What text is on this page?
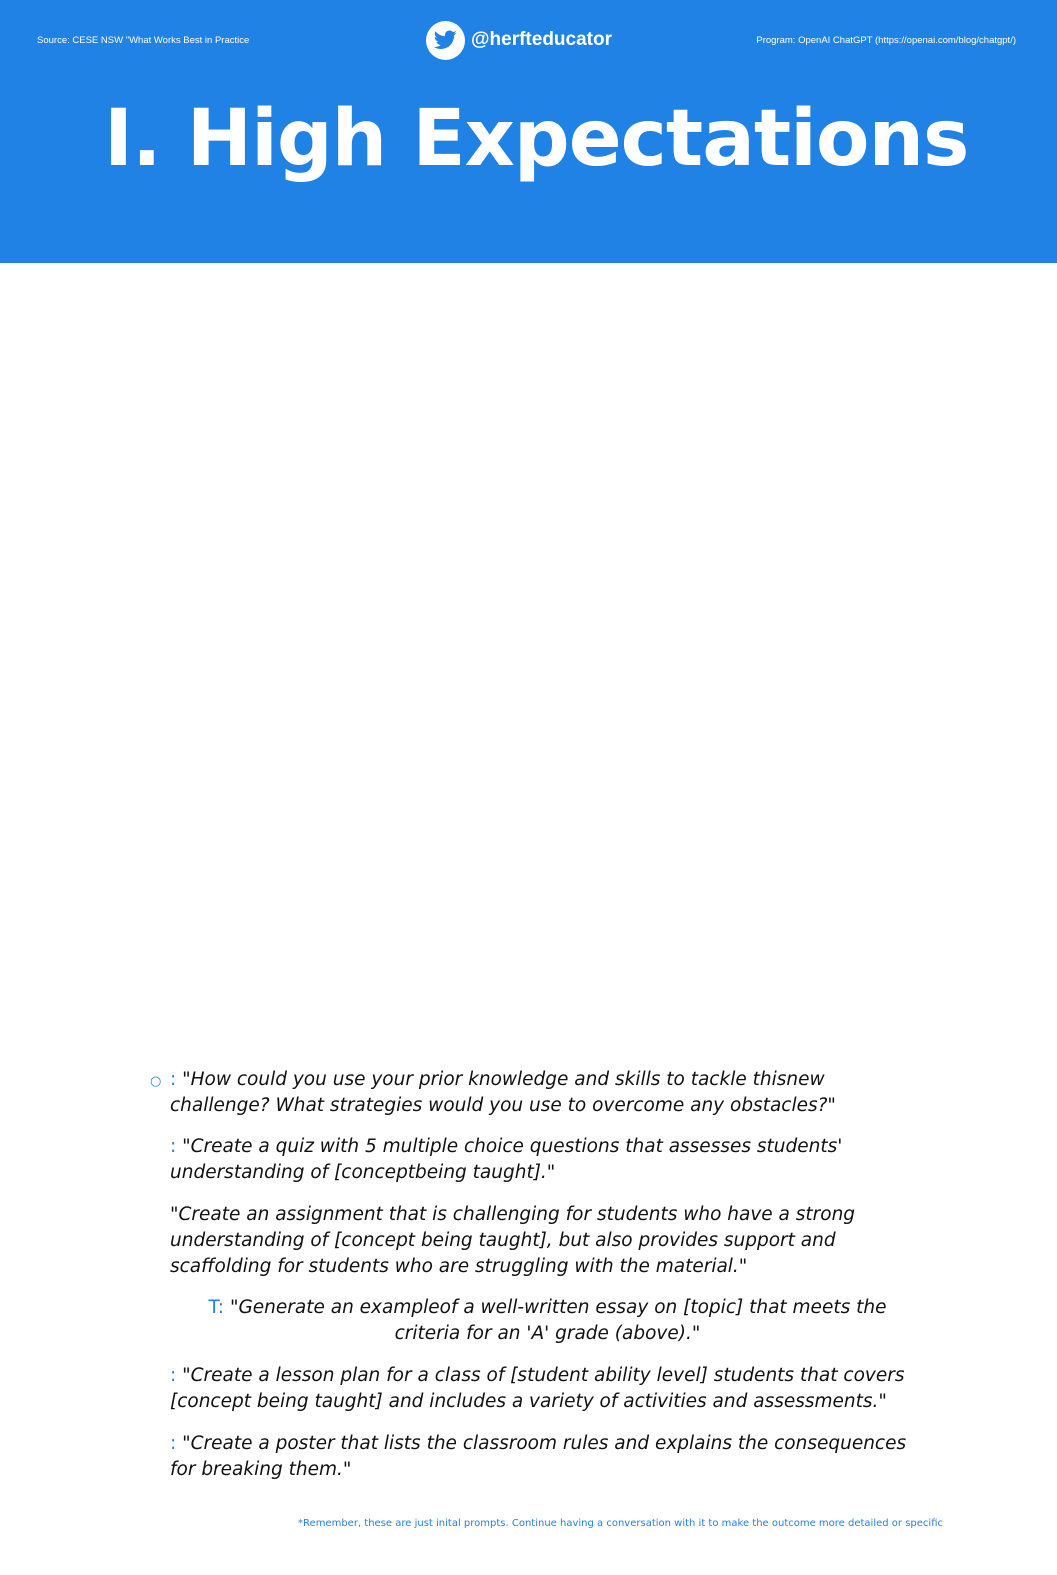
Source: CESE NSW "What Works Best in Practice	@herfteducator	Program: OpenAI ChatGPT (https://openai.com/blog/chatgpt/)
I. High Expectations
○ : "How could you use your prior knowledge and skills to tackle thisnew challenge? What strategies would you use to overcome any obstacles?"
: "Create a quiz with 5 multiple choice questions that assesses students' understanding of [conceptbeing taught]."
"Create an assignment that is challenging for students who have a strong understanding of [concept being taught], but also provides support and scaffolding for students who are struggling with the material."
T: "Generate an exampleof a well-written essay on [topic] that meets the criteria for an 'A' grade (above)."
: "Create a lesson plan for a class of [student ability level] students that covers [concept being taught] and includes a variety of activities and assessments."
: "Create a poster that lists the classroom rules and explains the consequences for breaking them."
*Remember, these are just inital prompts. Continue having a conversation with it to make the outcome more detailed or specific
